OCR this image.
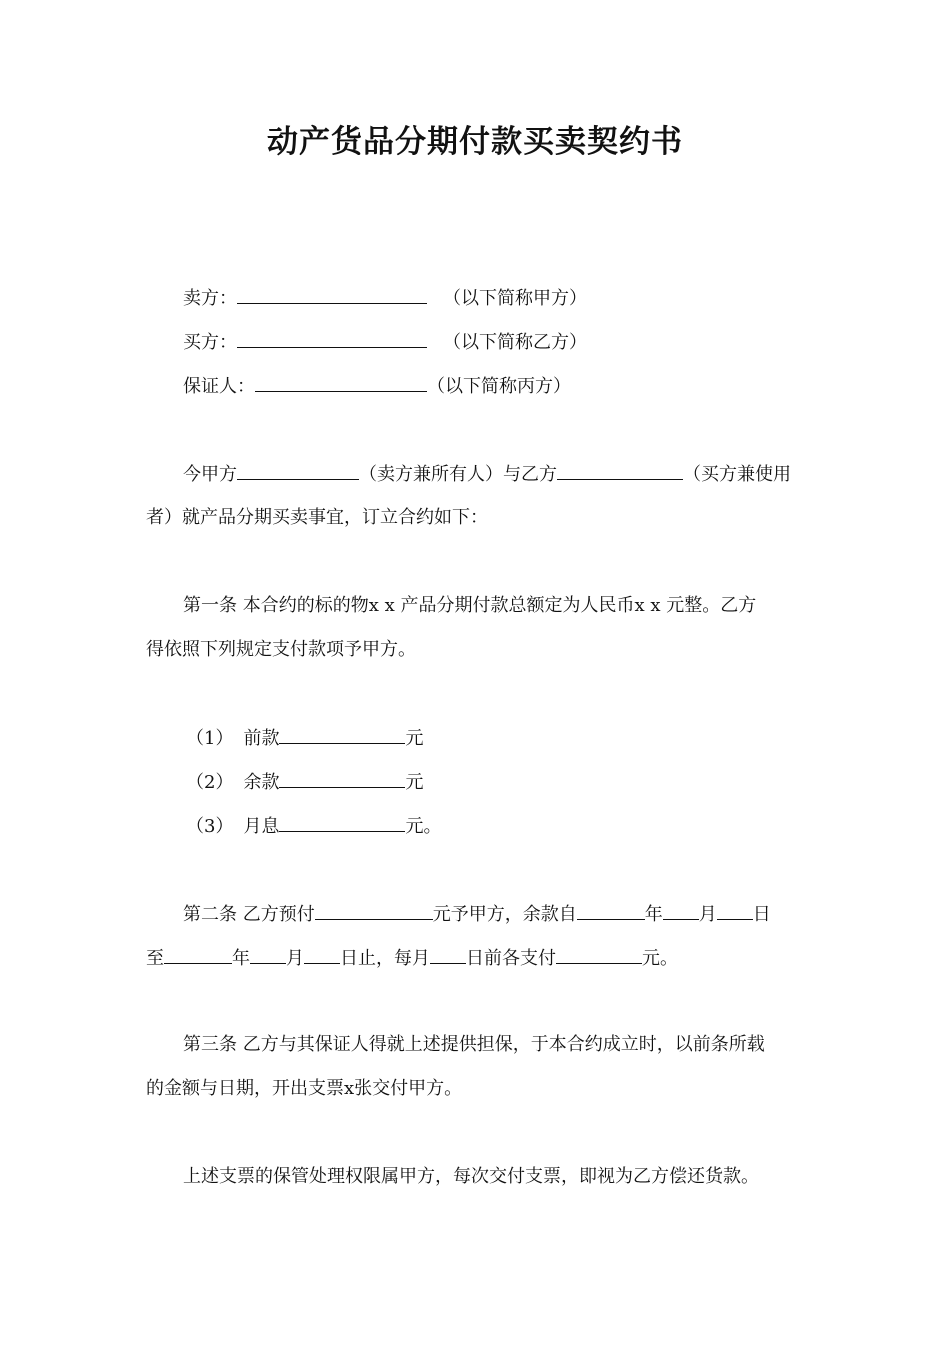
动产货品分期付款买卖契约书
卖方：	（以下简称甲方）
买方：	（以下简称乙方）
保证人：	（以下简称丙方）
今甲方	（卖方兼所有人）与乙方	（买方兼使用
者）就产品分期买卖事宜，订立合约如下：
第一条 本合约的标的物x x 产品分期付款总额定为人民币x x 元整。乙方
得依照下列规定支付款项予甲方。
（1） 前款	元
（2） 余款	元
（3） 月息	元。
第二条 乙方预付	元予甲方，余款自	年 月 日
至	年 月 日止，每月 日前各支付	元。
第三条 乙方与其保证人得就上述提供担保，于本合约成立时，以前条所载
的金额与日期，开出支票x张交付甲方。
上述支票的保管处理权限属甲方，每次交付支票，即视为乙方偿还货款。
